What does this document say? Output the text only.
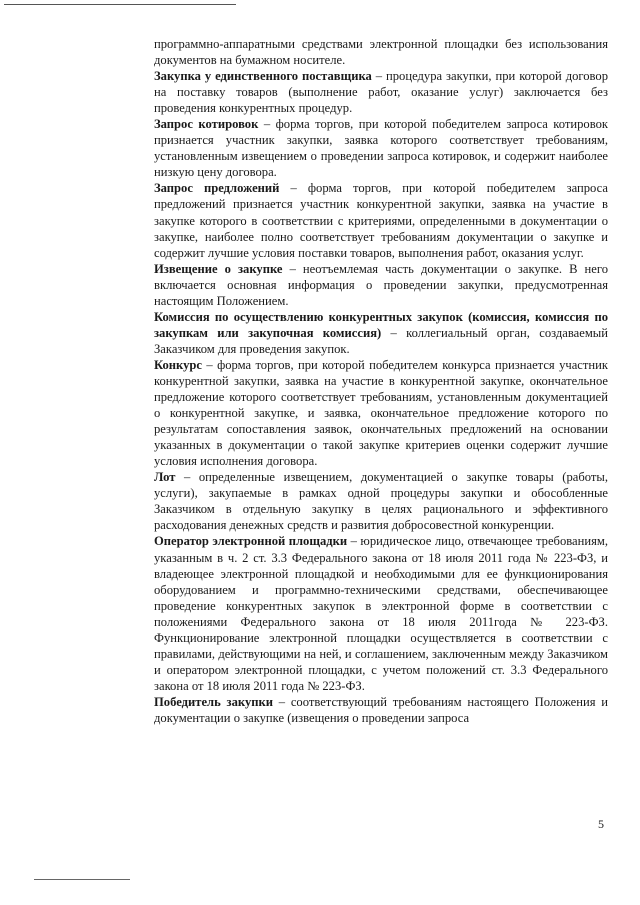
программно-аппаратными средствами электронной площадки без использования документов на бумажном носителе.

Закупка у единственного поставщика – процедура закупки, при которой договор на поставку товаров (выполнение работ, оказание услуг) заключается без проведения конкурентных процедур.

Запрос котировок – форма торгов, при которой победителем запроса котировок признается участник закупки, заявка которого соответствует требованиям, установленным извещением о проведении запроса котировок, и содержит наиболее низкую цену договора.

Запрос предложений – форма торгов, при которой победителем запроса предложений признается участник конкурентной закупки, заявка на участие в закупке которого в соответствии с критериями, определенными в документации о закупке, наиболее полно соответствует требованиям документации о закупке и содержит лучшие условия поставки товаров, выполнения работ, оказания услуг.

Извещение о закупке – неотъемлемая часть документации о закупке. В него включается основная информация о проведении закупки, предусмотренная настоящим Положением.

Комиссия по осуществлению конкурентных закупок (комиссия, комиссия по закупкам или закупочная комиссия) – коллегиальный орган, создаваемый Заказчиком для проведения закупок.

Конкурс – форма торгов, при которой победителем конкурса признается участник конкурентной закупки, заявка на участие в конкурентной закупке, окончательное предложение которого соответствует требованиям, установленным документацией о конкурентной закупке, и заявка, окончательное предложение которого по результатам сопоставления заявок, окончательных предложений на основании указанных в документации о такой закупке критериев оценки содержит лучшие условия исполнения договора.

Лот – определенные извещением, документацией о закупке товары (работы, услуги), закупаемые в рамках одной процедуры закупки и обособленные Заказчиком в отдельную закупку в целях рационального и эффективного расходования денежных средств и развития добросовестной конкуренции.

Оператор электронной площадки – юридическое лицо, отвечающее требованиям, указанным в ч. 2 ст. 3.3 Федерального закона от 18 июля 2011 года № 223-ФЗ, и владеющее электронной площадкой и необходимыми для ее функционирования оборудованием и программно-техническими средствами, обеспечивающее проведение конкурентных закупок в электронной форме в соответствии с положениями Федерального закона от 18 июля 2011года № 223-ФЗ. Функционирование электронной площадки осуществляется в соответствии с правилами, действующими на ней, и соглашением, заключенным между Заказчиком и оператором электронной площадки, с учетом положений ст. 3.3 Федерального закона от 18 июля 2011 года № 223-ФЗ.

Победитель закупки – соответствующий требованиям настоящего Положения и документации о закупке (извещения о проведении запроса

5
